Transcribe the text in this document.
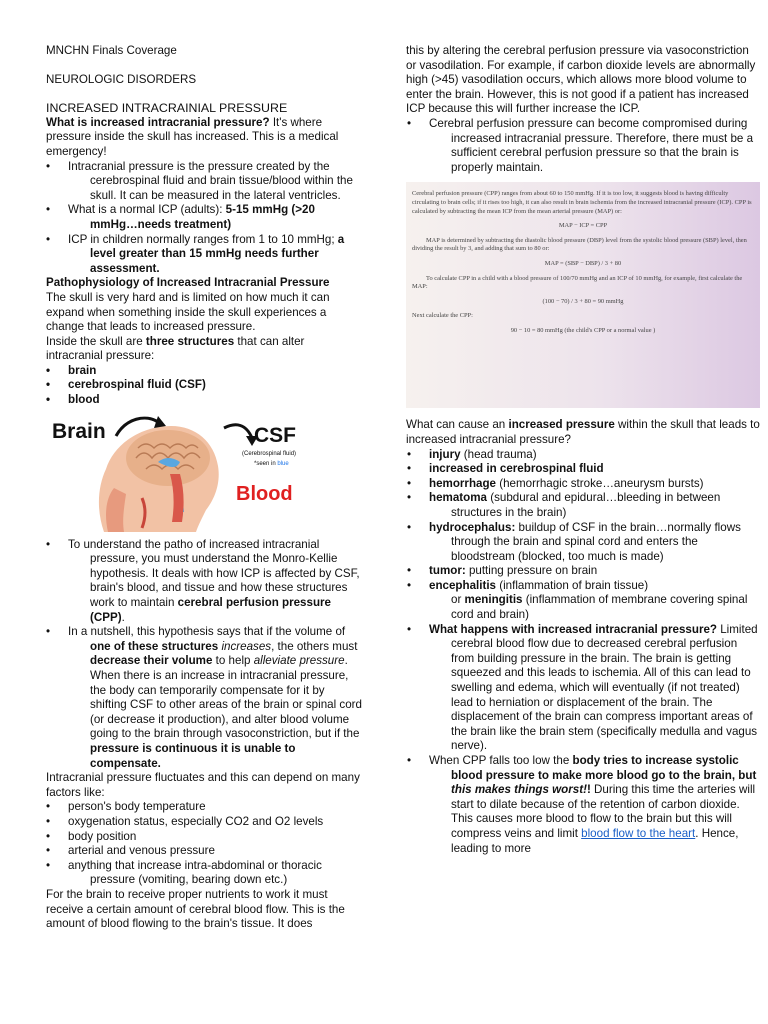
MNCHN Finals Coverage

NEUROLOGIC DISORDERS

INCREASED INTRACRAINIAL PRESSURE

What is increased intracranial pressure? It's where pressure inside the skull has increased. This is a medical emergency!

• Intracranial pressure is the pressure created by the cerebrospinal fluid and brain tissue/blood within the skull. It can be measured in the lateral ventricles.
• What is a normal ICP (adults): 5-15 mmHg (>20 mmHg…needs treatment)
• ICP in children normally ranges from 1 to 10 mmHg; a level greater than 15 mmHg needs further assessment.

Pathophysiology of Increased Intracranial Pressure

The skull is very hard and is limited on how much it can expand when something inside the skull experiences a change that leads to increased pressure.

Inside the skull are three structures that can alter intracranial pressure:

• brain
• cerebrospinal fluid (CSF)
• blood
Brain	CSF
(Cerebrospinal fluid)
*seen in blue
Blood
• To understand the patho of increased intracranial pressure, you must understand the Monro-Kellie hypothesis. It deals with how ICP is affected by CSF, brain's blood, and tissue and how these structures work to maintain cerebral perfusion pressure (CPP).
• In a nutshell, this hypothesis says that if the volume of one of these structures increases, the others must decrease their volume to help alleviate pressure. When there is an increase in intracranial pressure, the body can temporarily compensate for it by shifting CSF to other areas of the brain or spinal cord (or decrease it production), and alter blood volume going to the brain through vasoconstriction, but if the pressure is continuous it is unable to compensate.

Intracranial pressure fluctuates and this can depend on many factors like:

• person's body temperature
• oxygenation status, especially CO2 and O2 levels
• body position
• arterial and venous pressure
• anything that increase intra-abdominal or thoracic pressure (vomiting, bearing down etc.)

For the brain to receive proper nutrients to work it must receive a certain amount of cerebral blood flow. This is the amount of blood flowing to the brain's tissue. It does

this by altering the cerebral perfusion pressure via vasoconstriction or vasodilation. For example, if carbon dioxide levels are abnormally high (>45) vasodilation occurs, which allows more blood volume to enter the brain. However, this is not good if a patient has increased ICP because this will further increase the ICP.

• Cerebral perfusion pressure can become compromised during increased intracranial pressure. Therefore, there must be a sufficient cerebral perfusion pressure so that the brain is properly maintain.

Cerebral perfusion pressure (CPP) ranges from about 60 to 150 mmHg. If it is too low, it suggests blood is having difficulty circulating to brain cells; if it rises too high, it can also result in brain ischemia from the increased intracranial pressure (ICP). CPP is calculated by subtracting the mean ICP from the mean arterial pressure (MAP) or:

MAP − ICP = CPP

MAP is determined by subtracting the diastolic blood pressure (DBP) level from the systolic blood pressure (SBP) level, then dividing the result by 3, and adding that sum to 80 or:

MAP = (SBP − DBP) / 3 + 80

To calculate CPP in a child with a blood pressure of 100/70 mmHg and an ICP of 10 mmHg, for example, first calculate the MAP:

(100 − 70) / 3 + 80 = 90 mmHg

Next calculate the CPP:

90 − 10 = 80 mmHg (the child's CPP or a normal value )

What can cause an increased pressure within the skull that leads to increased intracranial pressure?

• injury (head trauma)
• increased in cerebrospinal fluid
• hemorrhage (hemorrhagic stroke…aneurysm bursts)
• hematoma (subdural and epidural…bleeding in between structures in the brain)
• hydrocephalus: buildup of CSF in the brain…normally flows through the brain and spinal cord and enters the bloodstream (blocked, too much is made)
• tumor: putting pressure on brain
• encephalitis (inflammation of brain tissue)
or meningitis (inflammation of membrane covering spinal cord and brain)
• What happens with increased intracranial pressure? Limited cerebral blood flow due to decreased cerebral perfusion from building pressure in the brain. The brain is getting squeezed and this leads to ischemia. All of this can lead to swelling and edema, which will eventually (if not treated) lead to herniation or displacement of the brain. The displacement of the brain can compress important areas of the brain like the brain stem (specifically medulla and vagus nerve).
• When CPP falls too low the body tries to increase systolic blood pressure to make more blood go to the brain, but this makes things worst!! During this time the arteries will start to dilate because of the retention of carbon dioxide. This causes more blood to flow to the brain but this will compress veins and limit blood flow to the heart. Hence, leading to more
